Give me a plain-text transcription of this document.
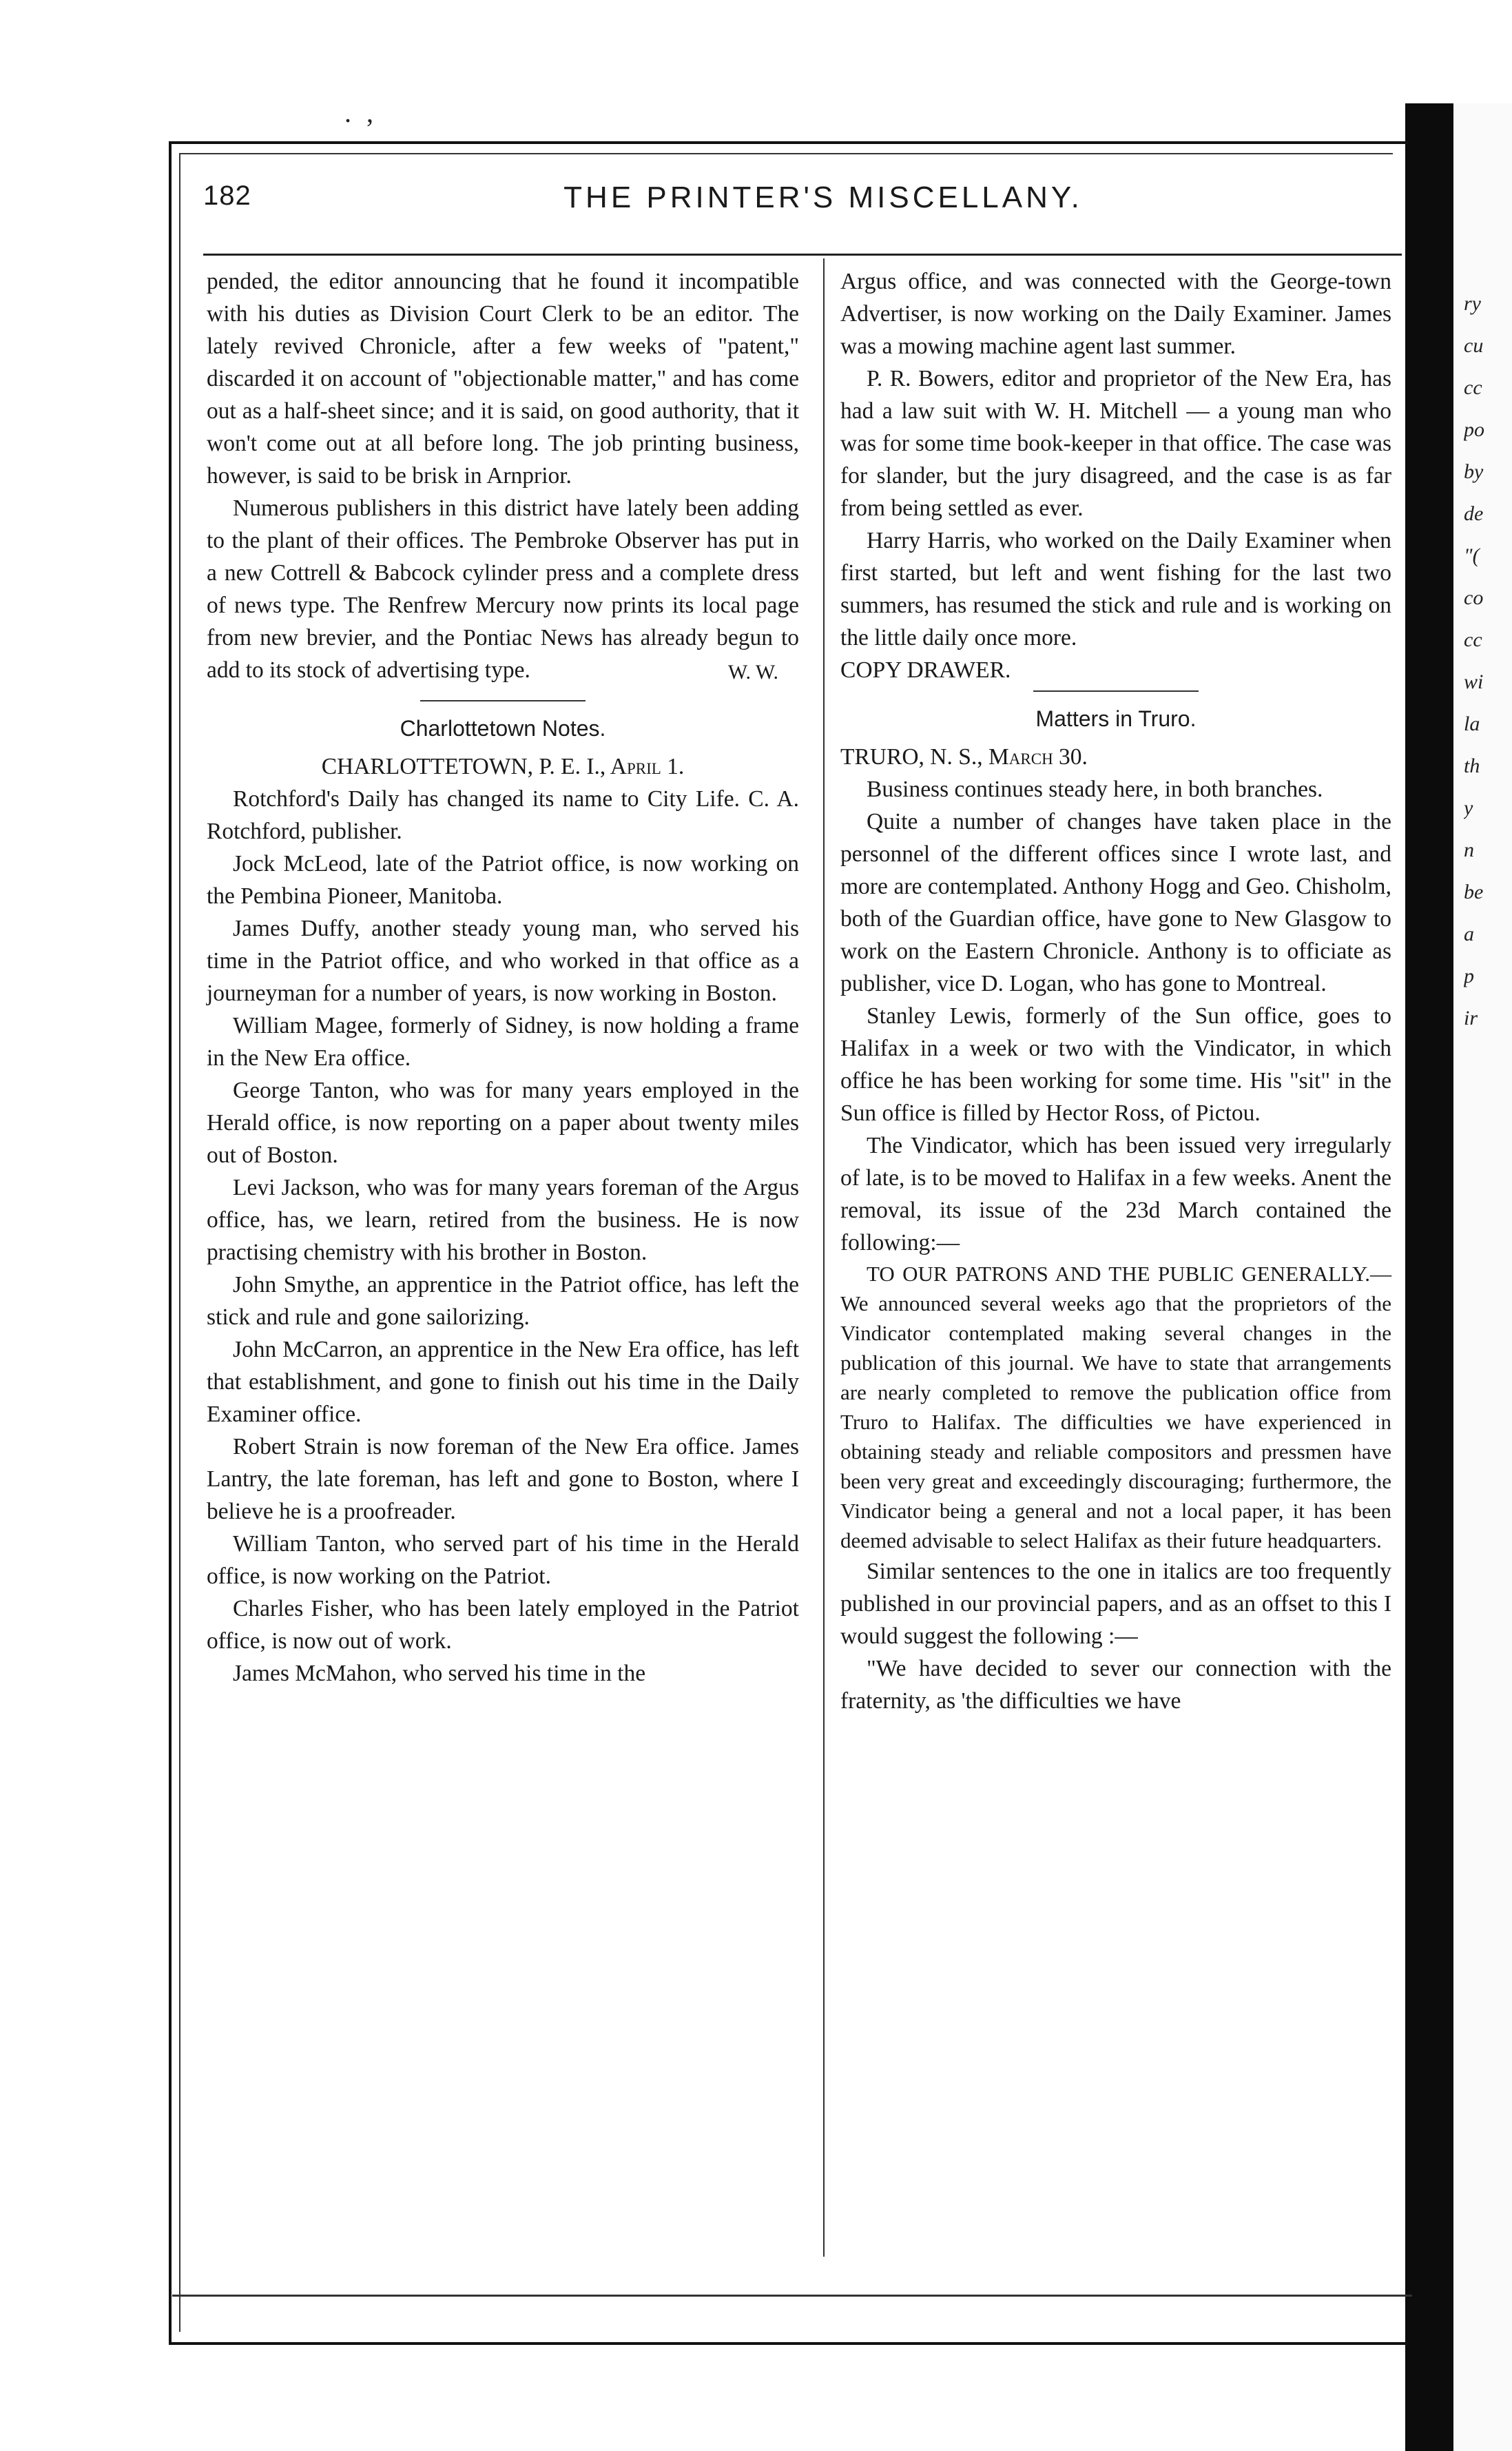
ry
cu
cc
po
by
de
"(
co
cc
wi
la
th
y
n
be
a
p
ir
. ,
182	THE PRINTER'S MISCELLANY.

pended, the editor announcing that he found it incompatible with his duties as Division Court Clerk to be an editor. The lately revived Chronicle, after a few weeks of "patent," discarded it on account of "objectionable matter," and has come out as a half-sheet since; and it is said, on good authority, that it won't come out at all before long. The job printing business, however, is said to be brisk in Arnprior.

Numerous publishers in this district have lately been adding to the plant of their offices. The Pembroke Observer has put in a new Cottrell & Babcock cylinder press and a complete dress of news type. The Renfrew Mercury now prints its local page from new brevier, and the Pontiac News has already begun to add to its stock of advertising type.	W. W.
Charlottetown Notes.

CHARLOTTETOWN, P. E. I., April 1.

Rotchford's Daily has changed its name to City Life. C. A. Rotchford, publisher.

Jock McLeod, late of the Patriot office, is now working on the Pembina Pioneer, Manitoba.

James Duffy, another steady young man, who served his time in the Patriot office, and who worked in that office as a journeyman for a number of years, is now working in Boston.

William Magee, formerly of Sidney, is now holding a frame in the New Era office.

George Tanton, who was for many years employed in the Herald office, is now reporting on a paper about twenty miles out of Boston.

Levi Jackson, who was for many years foreman of the Argus office, has, we learn, retired from the business. He is now practising chemistry with his brother in Boston.

John Smythe, an apprentice in the Patriot office, has left the stick and rule and gone sailorizing.

John McCarron, an apprentice in the New Era office, has left that establishment, and gone to finish out his time in the Daily Examiner office.

Robert Strain is now foreman of the New Era office. James Lantry, the late foreman, has left and gone to Boston, where I believe he is a proofreader.

William Tanton, who served part of his time in the Herald office, is now working on the Patriot.

Charles Fisher, who has been lately employed in the Patriot office, is now out of work.

James McMahon, who served his time in the

Argus office, and was connected with the George-town Advertiser, is now working on the Daily Examiner. James was a mowing machine agent last summer.

P. R. Bowers, editor and proprietor of the New Era, has had a law suit with W. H. Mitchell — a young man who was for some time book-keeper in that office. The case was for slander, but the jury disagreed, and the case is as far from being settled as ever.

Harry Harris, who worked on the Daily Examiner when first started, but left and went fishing for the last two summers, has resumed the stick and rule and is working on the little daily once more.

COPY DRAWER.

Matters in Truro.

TRURO, N. S., March 30.

Business continues steady here, in both branches.

Quite a number of changes have taken place in the personnel of the different offices since I wrote last, and more are contemplated. Anthony Hogg and Geo. Chisholm, both of the Guardian office, have gone to New Glasgow to work on the Eastern Chronicle. Anthony is to officiate as publisher, vice D. Logan, who has gone to Montreal.

Stanley Lewis, formerly of the Sun office, goes to Halifax in a week or two with the Vindicator, in which office he has been working for some time. His "sit" in the Sun office is filled by Hector Ross, of Pictou.

The Vindicator, which has been issued very irregularly of late, is to be moved to Halifax in a few weeks. Anent the removal, its issue of the 23d March contained the following:—

TO OUR PATRONS AND THE PUBLIC GENERALLY.—We announced several weeks ago that the proprietors of the Vindicator contemplated making several changes in the publication of this journal. We have to state that arrangements are nearly completed to remove the publication office from Truro to Halifax. The difficulties we have experienced in obtaining steady and reliable compositors and pressmen have been very great and exceedingly discouraging; furthermore, the Vindicator being a general and not a local paper, it has been deemed advisable to select Halifax as their future headquarters.

Similar sentences to the one in italics are too frequently published in our provincial papers, and as an offset to this I would suggest the following :—

"We have decided to sever our connection with the fraternity, as 'the difficulties we have
